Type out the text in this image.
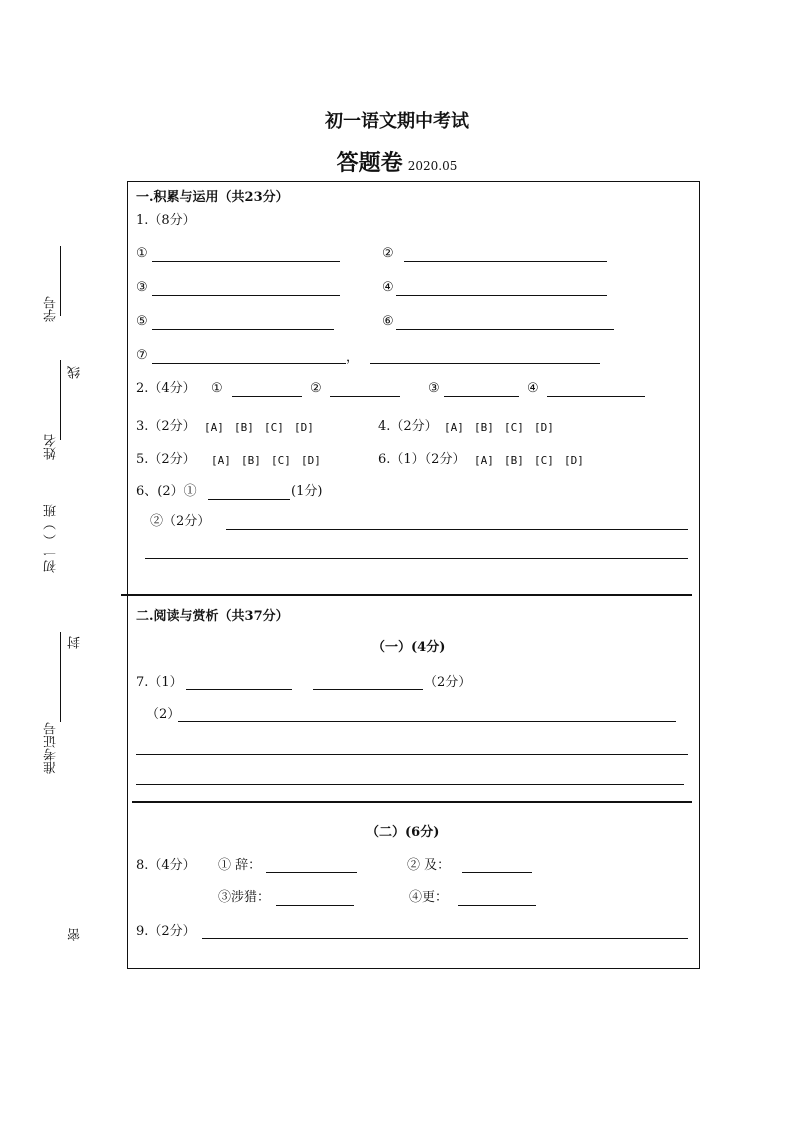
初一语文期中考试
答题卷 2020.05
学号
线
姓名
初一（ ）班
封
准考证号
密
一.积累与运用（共23分）
1.（8分）
①	②
③	④
⑤	⑥
⑦	，
2.（4分） ①	②	③	④
3.（2分） [A] [B] [C] [D]	4.（2分） [A] [B] [C] [D]
5.（2分） [A] [B] [C] [D]	6.（1）（2分） [A] [B] [C] [D]
6、(2）①	(1分)
②（2分）
二.阅读与赏析（共37分）
（一）(4分)
7.（1）	（2分）
（2）
（二）(6分)
8.（4分） ① 辞：	② 及：
③涉猎：	④更：
9.（2分）
